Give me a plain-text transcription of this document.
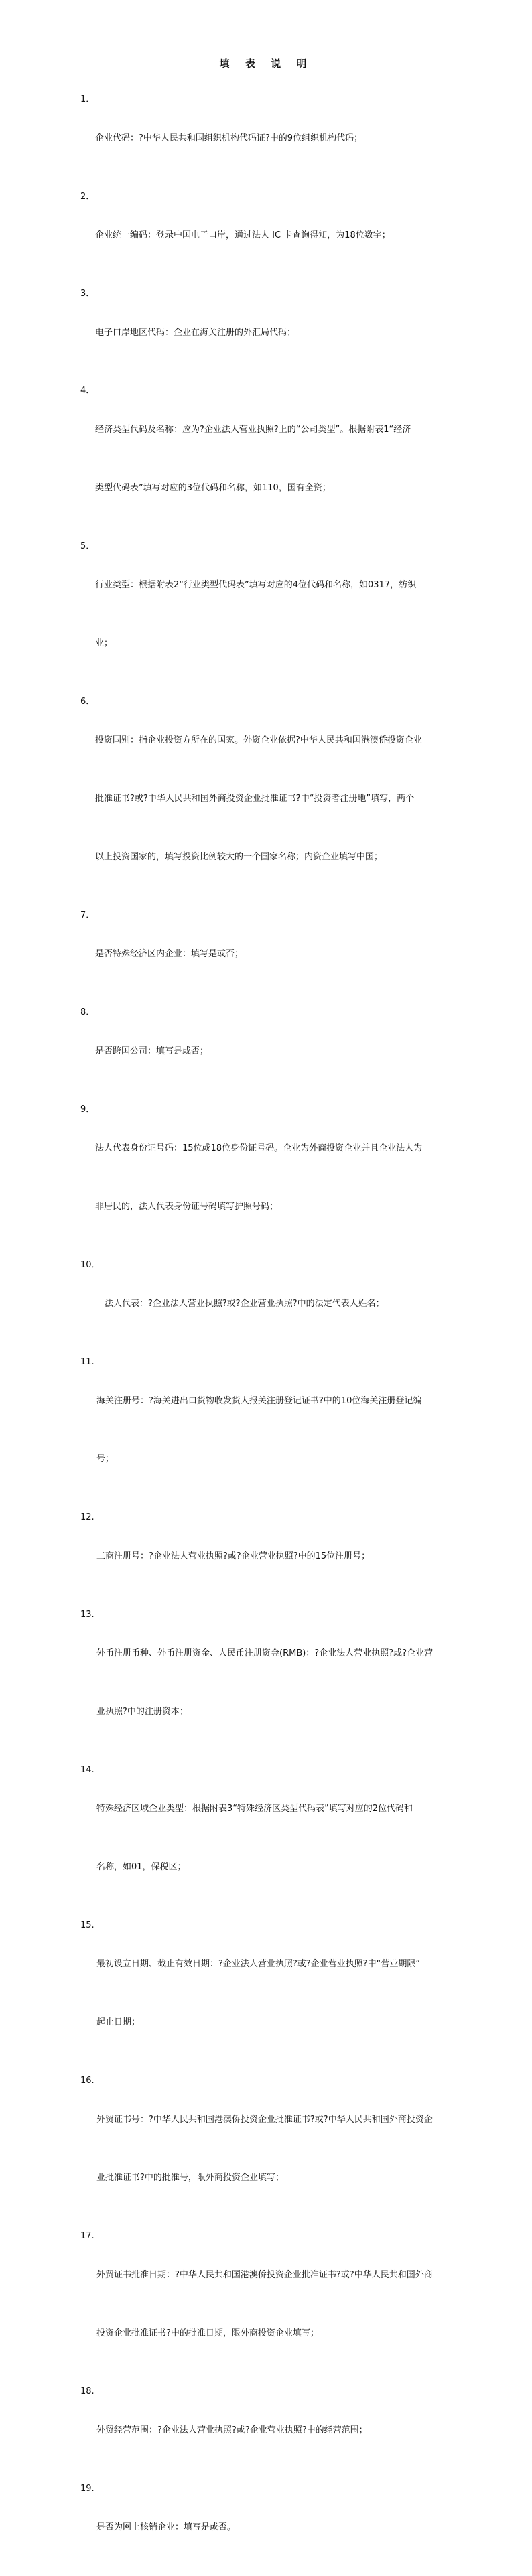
填 表 说 明
1．

企业代码：?中华人民共和国组织机构代码证?中的9位组织机构代码；

2．

企业统一编码：登录中国电子口岸，通过法人 IC 卡查询得知，为18位数字；

3．

电子口岸地区代码：企业在海关注册的外汇局代码；

4．

经济类型代码及名称：应为?企业法人营业执照?上的“公司类型”。根据附表1“经济

类型代码表”填写对应的3位代码和名称，如110，国有全资；

5．

行业类型：根据附表2“行业类型代码表”填写对应的4位代码和名称，如0317，纺织

业；

6．

投资国别：指企业投资方所在的国家。外资企业依据?中华人民共和国港澳侨投资企业

批准证书?或?中华人民共和国外商投资企业批准证书?中“投资者注册地”填写，两个

以上投资国家的，填写投资比例较大的一个国家名称；内资企业填写中国；

7．

是否特殊经济区内企业：填写是或否；

8．

是否跨国公司：填写是或否；

9．

法人代表身份证号码：15位或18位身份证号码。企业为外商投资企业并且企业法人为

非居民的，法人代表身份证号码填写护照号码；

10．

法人代表：?企业法人营业执照?或?企业营业执照?中的法定代表人姓名；

11.

海关注册号：?海关进出口货物收发货人报关注册登记证书?中的10位海关注册登记编

号；

12.

工商注册号：?企业法人营业执照?或?企业营业执照?中的15位注册号；

13.

外币注册币种、外币注册资金、人民币注册资金(RMB)：?企业法人营业执照?或?企业营

业执照?中的注册资本；

14.

特殊经济区域企业类型：根据附表3“特殊经济区类型代码表”填写对应的2位代码和

名称，如01，保税区；

15.

最初设立日期、截止有效日期：?企业法人营业执照?或?企业营业执照?中“营业期限”

起止日期；

16.

外贸证书号：?中华人民共和国港澳侨投资企业批准证书?或?中华人民共和国外商投资企

业批准证书?中的批准号，限外商投资企业填写；

17.

外贸证书批准日期：?中华人民共和国港澳侨投资企业批准证书?或?中华人民共和国外商

投资企业批准证书?中的批准日期，限外商投资企业填写；

18.

外贸经营范围：?企业法人营业执照?或?企业营业执照?中的经营范围；

19.

是否为网上核销企业：填写是或否。
